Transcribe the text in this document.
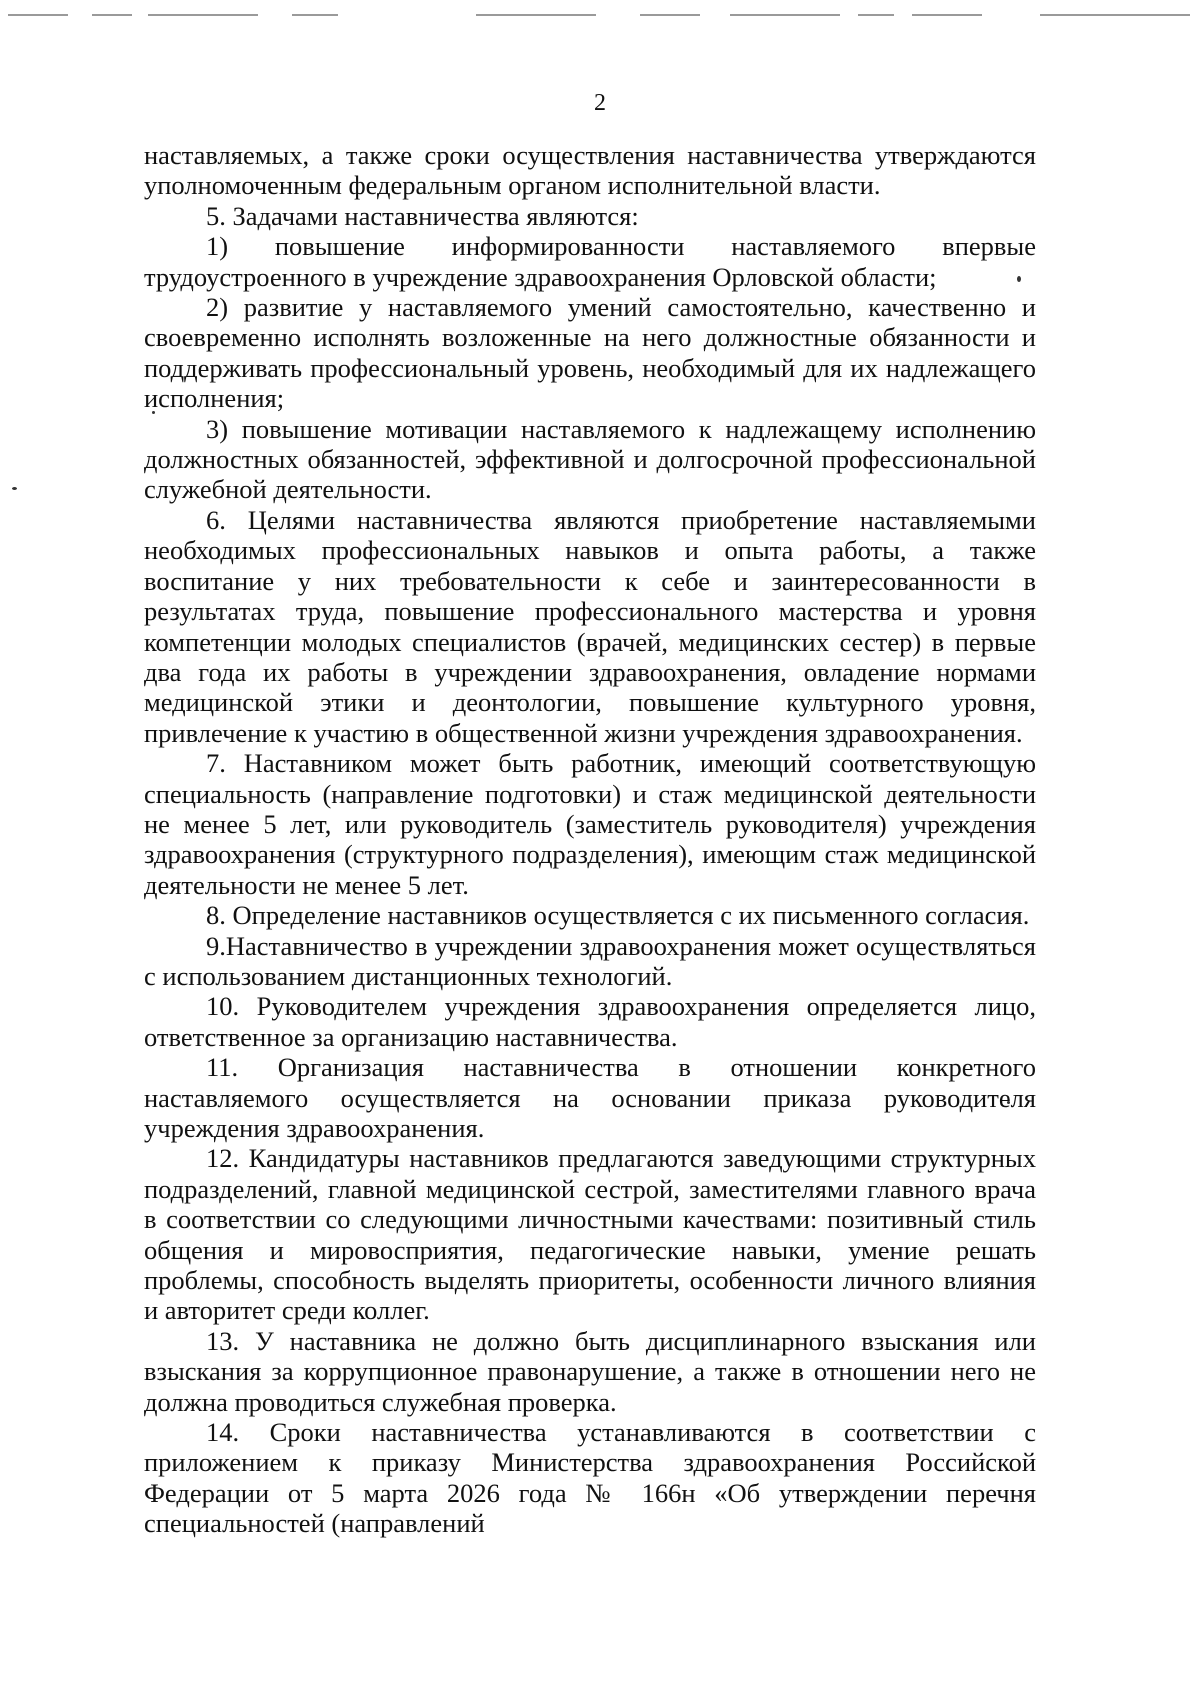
2

наставляемых, а также сроки осуществления наставничества утверждаются уполномоченным федеральным органом исполнительной власти.

5. Задачами наставничества являются:

1) повышение информированности наставляемого впервые трудоустроенного в учреждение здравоохранения Орловской области;

2) развитие у наставляемого умений самостоятельно, качественно и своевременно исполнять возложенные на него должностные обязанности и поддерживать профессиональный уровень, необходимый для их надлежащего исполнения;

3) повышение мотивации наставляемого к надлежащему исполнению должностных обязанностей, эффективной и долгосрочной профессиональной служебной деятельности.

6. Целями наставничества являются приобретение наставляемыми необходимых профессиональных навыков и опыта работы, а также воспитание у них требовательности к себе и заинтересованности в результатах труда, повышение профессионального мастерства и уровня компетенции молодых специалистов (врачей, медицинских сестер) в первые два года их работы в учреждении здравоохранения, овладение нормами медицинской этики и деонтологии, повышение культурного уровня, привлечение к участию в общественной жизни учреждения здравоохранения.

7. Наставником может быть работник, имеющий соответствующую специальность (направление подготовки) и стаж медицинской деятельности не менее 5 лет, или руководитель (заместитель руководителя) учреждения здравоохранения (структурного подразделения), имеющим стаж медицинской деятельности не менее 5 лет.

8. Определение наставников осуществляется с их письменного согласия.

9.Наставничество в учреждении здравоохранения может осуществляться с использованием дистанционных технологий.

10. Руководителем учреждения здравоохранения определяется лицо, ответственное за организацию наставничества.

11. Организация наставничества в отношении конкретного наставляемого осуществляется на основании приказа руководителя учреждения здравоохранения.

12. Кандидатуры наставников предлагаются заведующими структурных подразделений, главной медицинской сестрой, заместителями главного врача в соответствии со следующими личностными качествами: позитивный стиль общения и мировосприятия, педагогические навыки, умение решать проблемы, способность выделять приоритеты, особенности личного влияния и авторитет среди коллег.

13. У наставника не должно быть дисциплинарного взыскания или взыскания за коррупционное правонарушение, а также в отношении него не должна проводиться служебная проверка.

14. Сроки наставничества устанавливаются в соответствии с приложением к приказу Министерства здравоохранения Российской Федерации от 5 марта 2026 года № 166н «Об утверждении перечня специальностей (направлений
